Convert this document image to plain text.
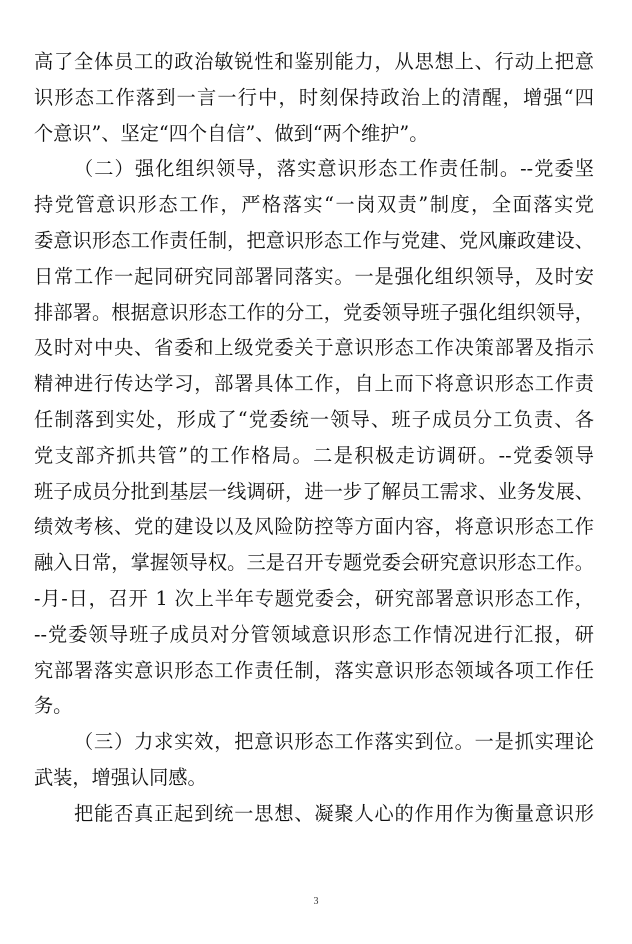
高了全体员工的政治敏锐性和鉴别能力，从思想上、行动上把意
识形态工作落到一言一行中，时刻保持政治上的清醒，增强“四
个意识”、坚定“四个自信”、做到“两个维护”。
（二）强化组织领导，落实意识形态工作责任制。--党委坚
持党管意识形态工作，严格落实“一岗双责”制度，全面落实党
委意识形态工作责任制，把意识形态工作与党建、党风廉政建设、
日常工作一起同研究同部署同落实。一是强化组织领导，及时安
排部署。根据意识形态工作的分工，党委领导班子强化组织领导，
及时对中央、省委和上级党委关于意识形态工作决策部署及指示
精神进行传达学习，部署具体工作，自上而下将意识形态工作责
任制落到实处，形成了“党委统一领导、班子成员分工负责、各
党支部齐抓共管”的工作格局。二是积极走访调研。--党委领导
班子成员分批到基层一线调研，进一步了解员工需求、业务发展、
绩效考核、党的建设以及风险防控等方面内容，将意识形态工作
融入日常，掌握领导权。三是召开专题党委会研究意识形态工作。
-月-日，召开 1 次上半年专题党委会，研究部署意识形态工作，
--党委领导班子成员对分管领域意识形态工作情况进行汇报，研
究部署落实意识形态工作责任制，落实意识形态领域各项工作任
务。
（三）力求实效，把意识形态工作落实到位。一是抓实理论
武装，增强认同感。
把能否真正起到统一思想、凝聚人心的作用作为衡量意识形
3
